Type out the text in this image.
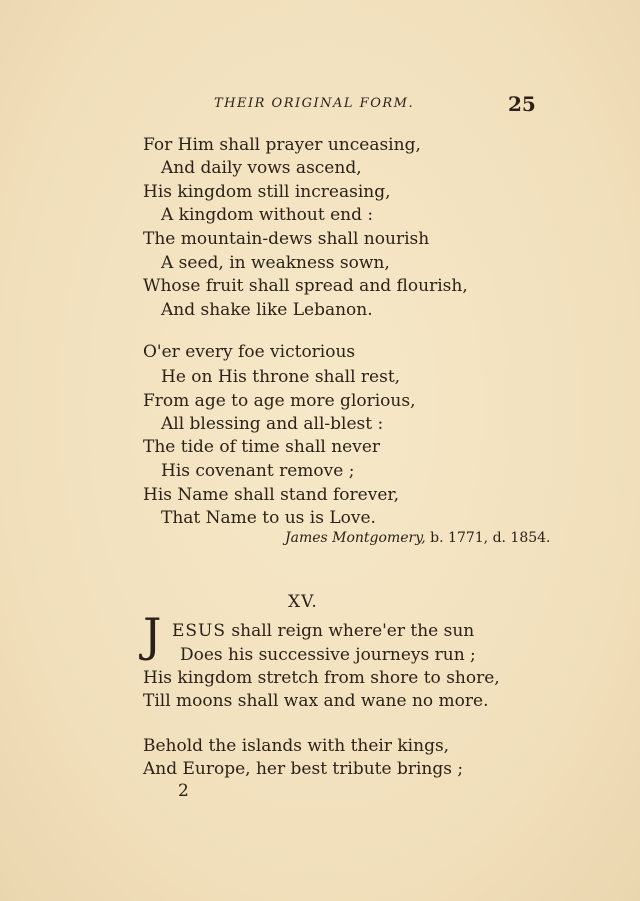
THEIR ORIGINAL FORM.	25
For Him shall prayer unceasing,
And daily vows ascend,
His kingdom still increasing,
A kingdom without end :
The mountain-dews shall nourish
A seed, in weakness sown,
Whose fruit shall spread and flourish,
And shake like Lebanon.
O'er every foe victorious
He on His throne shall rest,
From age to age more glorious,
All blessing and all-blest :
The tide of time shall never
His covenant remove ;
His Name shall stand forever,
That Name to us is Love.
James Montgomery, b. 1771, d. 1854.
XV.
J ESUS shall reign where'er the sun
Does his successive journeys run ;
His kingdom stretch from shore to shore,
Till moons shall wax and wane no more.
Behold the islands with their kings,
And Europe, her best tribute brings ;
2
